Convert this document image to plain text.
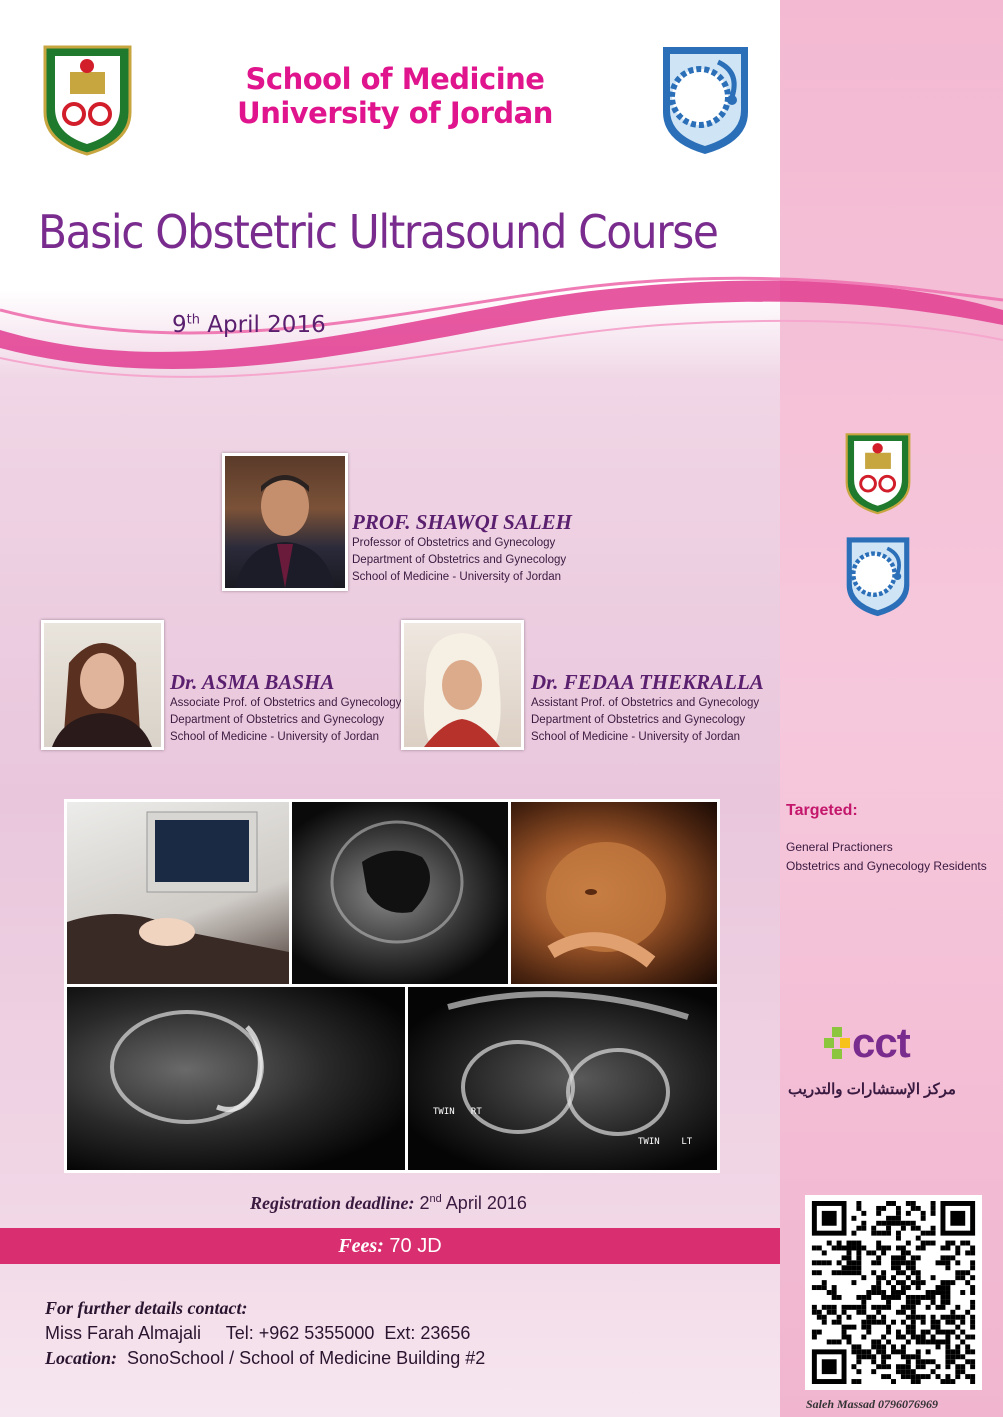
School of Medicine
University of Jordan
Basic Obstetric Ultrasound Course
9th April 2016
PROF. SHAWQI SALEH
Professor of Obstetrics and Gynecology
Department of Obstetrics and Gynecology
School of Medicine - University of Jordan
Dr. ASMA BASHA
Associate Prof. of Obstetrics and Gynecology
Department of Obstetrics and Gynecology
School of Medicine - University of Jordan
Dr. FEDAA THEKRALLA
Assistant Prof. of Obstetrics and Gynecology
Department of Obstetrics and Gynecology
School of Medicine - University of Jordan
TWIN   RT
TWIN    LT
Registration deadline: 2nd April 2016
Fees: 70 JD
For further details contact:
Miss Farah Almajali     Tel: +962 5355000  Ext: 23656
Location:  SonoSchool / School of Medicine Building #2
Targeted:
General Practioners
Obstetrics and Gynecology Residents
cct
مركز الإستشارات والتدريب
Saleh Massad 0796076969
